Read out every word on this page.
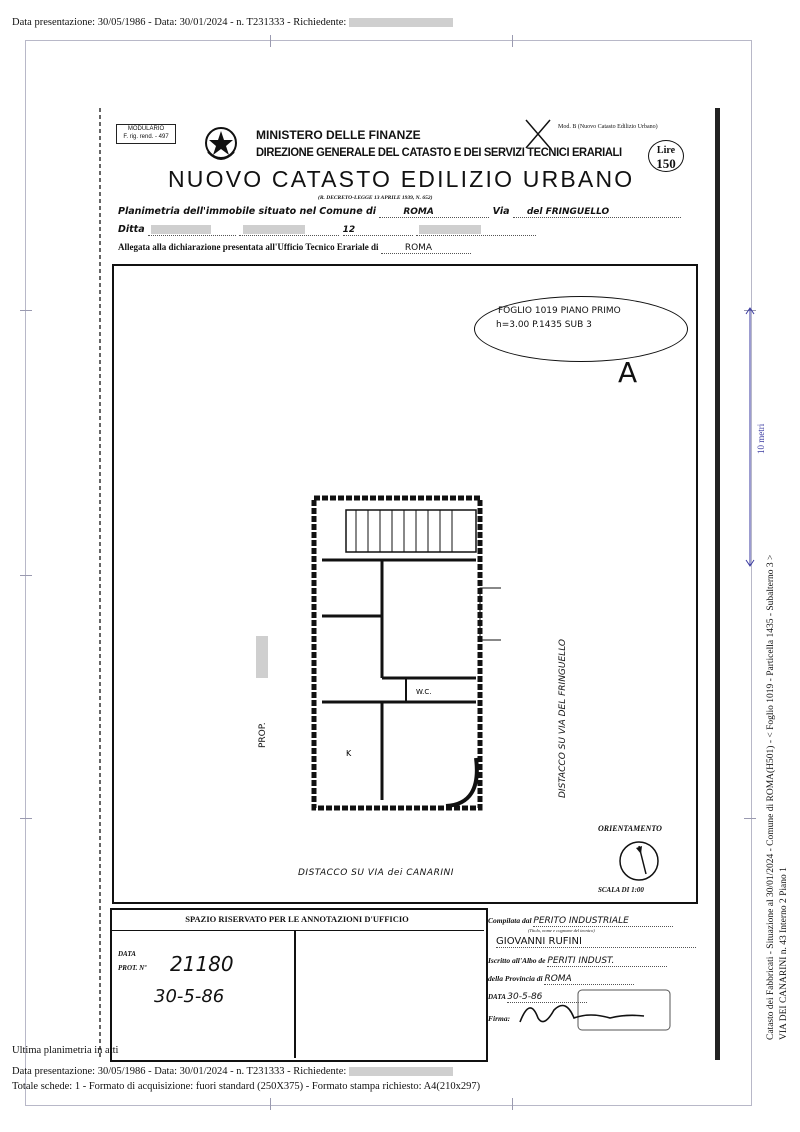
Data presentazione: 30/05/1986 - Data: 30/01/2024 - n. T231333 - Richiedente:
MODULARIO
F. rig. rend. - 497	MINISTERO DELLE FINANZE
DIREZIONE GENERALE DEL CATASTO E DEI SERVIZI TECNICI ERARIALI
Mod. B (Nuovo Catasto Edilizio Urbano)
Lire
150
NUOVO CATASTO EDILIZIO URBANO
(R. DECRETO-LEGGE 13 APRILE 1939, N. 652)
Planimetria dell'immobile situato nel Comune di	ROMA	Via del FRINGUELLO
Ditta	12
Allegata alla dichiarazione presentata all'Ufficio Tecnico Erariale di	ROMA
FOGLIO 1019 PIANO PRIMO
h=3.00 P.1435 SUB 3
A
W.C.
K
PROP.	DISTACCO SU VIA DEL FRINGUELLO
DISTACCO SU VIA dei CANARINI
ORIENTAMENTO
SCALA DI 1:00
SPAZIO RISERVATO PER LE ANNOTAZIONI D'UFFICIO
DATA
PROT. Nº 21180
30-5-86
Compilata dal PERITO INDUSTRIALE
(Titolo, nome e cognome del tecnico)
GIOVANNI RUFINI
Iscritto all'Albo de PERITI INDUST.
della Provincia di ROMA
DATA 30-5-86
Firma:
10 metri
Catasto dei Fabbricati - Situazione al 30/01/2024 - Comune di ROMA(H501) - < Foglio 1019 - Particella 1435 - Subalterno 3 > VIA DEI CANARINI n. 43 Interno 2 Piano 1
Ultima planimetria in atti
Data presentazione: 30/05/1986 - Data: 30/01/2024 - n. T231333 - Richiedente:
Totale schede: 1 - Formato di acquisizione: fuori standard (250X375) - Formato stampa richiesto: A4(210x297)
